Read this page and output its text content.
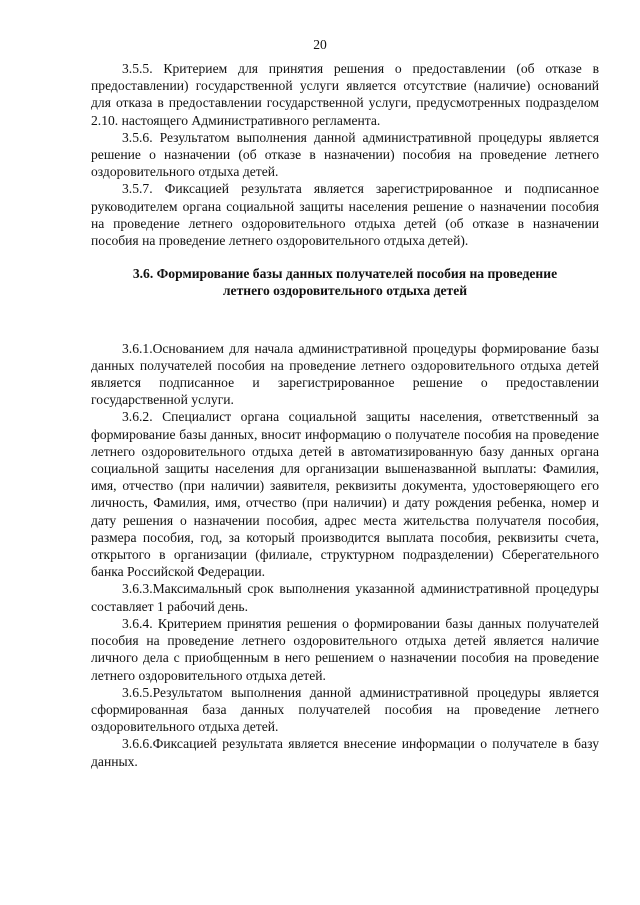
20

3.5.5. Критерием для принятия решения о предоставлении (об отказе в предоставлении) государственной услуги является отсутствие (наличие) оснований для отказа в предоставлении государственной услуги, предусмотренных подразделом 2.10. настоящего Административного регламента.

3.5.6. Результатом выполнения данной административной процедуры является решение о назначении (об отказе в назначении) пособия на проведение летнего оздоровительного отдыха детей.

3.5.7. Фиксацией результата является зарегистрированное и подписанное руководителем органа социальной защиты населения решение о назначении пособия на проведение летнего оздоровительного отдыха детей (об отказе в назначении пособия на проведение летнего оздоровительного отдыха детей).

3.6. Формирование базы данных получателей пособия на проведение летнего оздоровительного отдыха детей

3.6.1.Основанием для начала административной процедуры формирование базы данных получателей пособия на проведение летнего оздоровительного отдыха детей является подписанное и зарегистрированное решение о предоставлении государственной услуги.

3.6.2. Специалист органа социальной защиты населения, ответственный за формирование базы данных, вносит информацию о получателе пособия на проведение летнего оздоровительного отдыха детей в автоматизированную базу данных органа социальной защиты населения для организации вышеназванной выплаты: Фамилия, имя, отчество (при наличии) заявителя, реквизиты документа, удостоверяющего его личность, Фамилия, имя, отчество (при наличии) и дату рождения ребенка, номер и дату решения о назначении пособия, адрес места жительства получателя пособия, размера пособия, год, за который производится выплата пособия, реквизиты счета, открытого в организации (филиале, структурном подразделении) Сберегательного банка Российской Федерации.

3.6.3.Максимальный срок выполнения указанной административной процедуры составляет 1 рабочий день.

3.6.4. Критерием принятия решения о формировании базы данных получателей пособия на проведение летнего оздоровительного отдыха детей является наличие личного дела с приобщенным в него решением о назначении пособия на проведение летнего оздоровительного отдыха детей.

3.6.5.Результатом выполнения данной административной процедуры является сформированная база данных получателей пособия на проведение летнего оздоровительного отдыха детей.

3.6.6.Фиксацией результата является внесение информации о получателе в базу данных.
